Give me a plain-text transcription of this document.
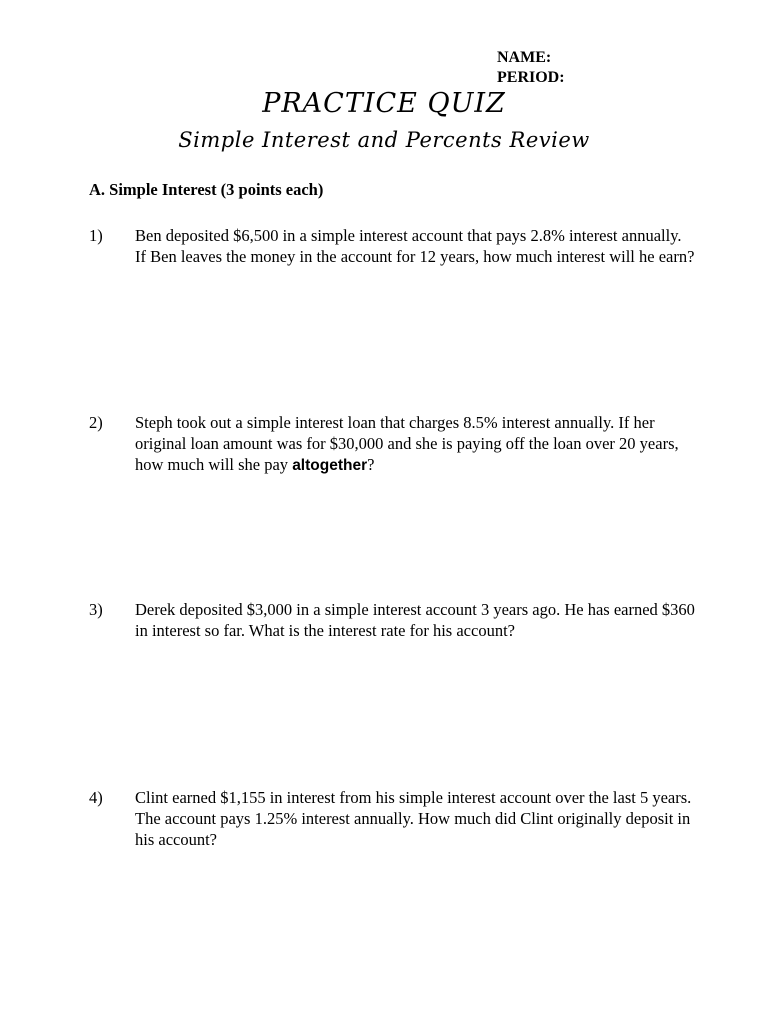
NAME:
PERIOD:
PRACTICE QUIZ
Simple Interest and Percents Review
A. Simple Interest (3 points each)
1) Ben deposited $6,500 in a simple interest account that pays 2.8% interest annually. If Ben leaves the money in the account for 12 years, how much interest will he earn?
2) Steph took out a simple interest loan that charges 8.5% interest annually. If her original loan amount was for $30,000 and she is paying off the loan over 20 years, how much will she pay altogether?
3) Derek deposited $3,000 in a simple interest account 3 years ago. He has earned $360 in interest so far. What is the interest rate for his account?
4) Clint earned $1,155 in interest from his simple interest account over the last 5 years. The account pays 1.25% interest annually. How much did Clint originally deposit in his account?
